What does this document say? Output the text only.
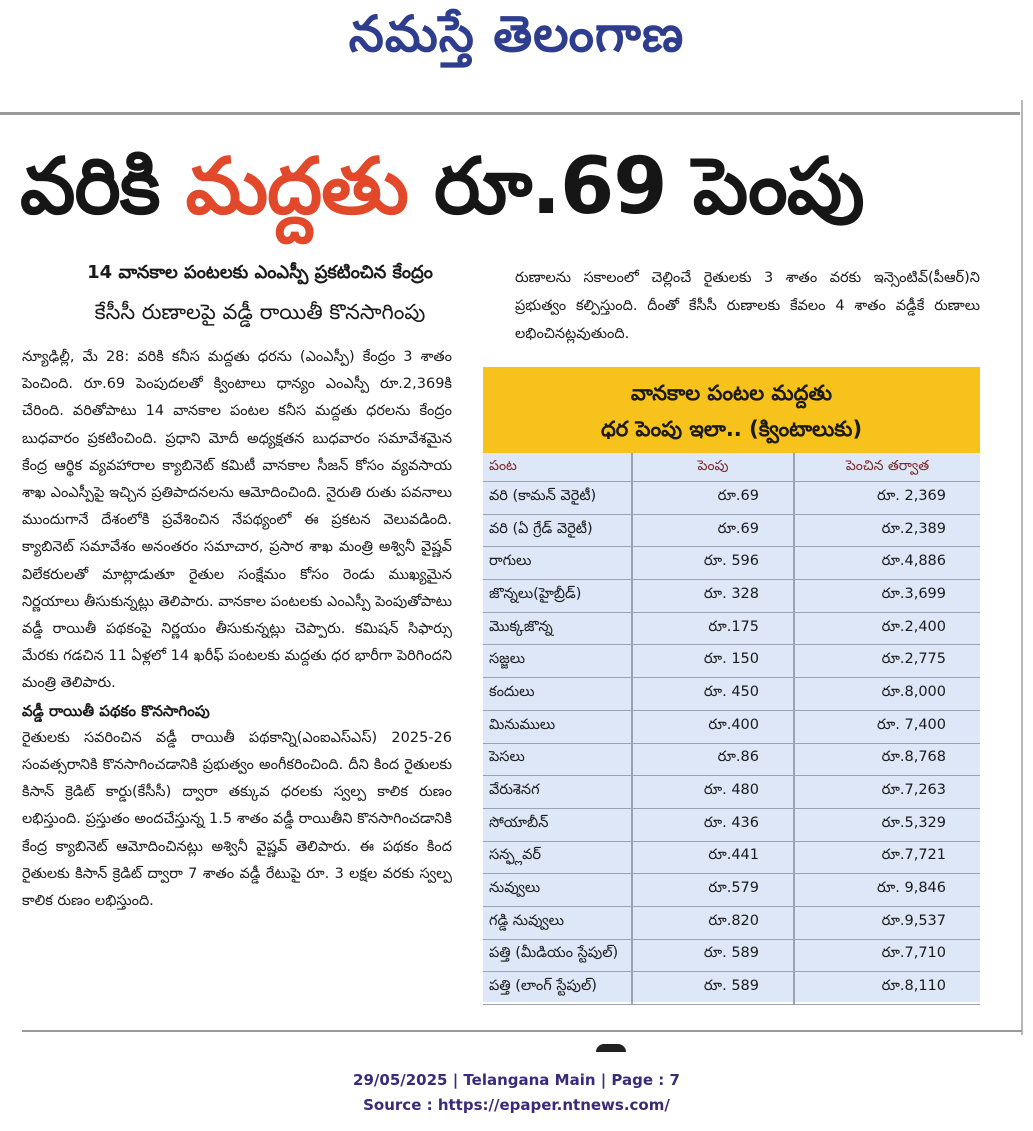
నమస్తే తెలంగాణ
వరికి మద్దతు రూ.69 పెంపు
14 వానకాల పంటలకు ఎంఎస్పీ ప్రకటించిన కేంద్రం
కేసీసీ రుణాలపై వడ్డీ రాయితీ కొనసాగింపు

న్యూఢిల్లీ, మే 28: వరికి కనీస మద్దతు ధరను (ఎంఎస్పీ) కేంద్రం 3 శాతం పెంచింది. రూ.69 పెంపుదలతో క్వింటాలు ధాన్యం ఎంఎస్పీ రూ.2,369కి చేరింది. వరితోపాటు 14 వానకాల పంటల కనీస మద్దతు ధరలను కేంద్రం బుధవారం ప్రకటించింది. ప్రధాని మోదీ అధ్యక్షతన బుధవారం సమావేశమైన కేంద్ర ఆర్థిక వ్యవహారాల క్యాబినెట్ కమిటీ వానకాల సీజన్ కోసం వ్యవసాయ శాఖ ఎంఎస్పీపై ఇచ్చిన ప్రతిపాదనలను ఆమోదించింది. నైరుతి రుతు పవనాలు ముందుగానే దేశంలోకి ప్రవేశించిన నేపథ్యంలో ఈ ప్రకటన వెలువడింది. క్యాబినెట్ సమావేశం అనంతరం సమాచార, ప్రసార శాఖ మంత్రి అశ్వినీ వైష్ణవ్ విలేకరులతో మాట్లాడుతూ రైతుల సంక్షేమం కోసం రెండు ముఖ్యమైన నిర్ణయాలు తీసుకున్నట్లు తెలిపారు. వానకాల పంటలకు ఎంఎస్పీ పెంపుతోపాటు వడ్డీ రాయితీ పథకంపై నిర్ణయం తీసుకున్నట్లు చెప్పారు. కమిషన్ సిఫార్సు మేరకు గడచిన 11 ఏళ్లలో 14 ఖరీఫ్ పంటలకు మద్దతు ధర భారీగా పెరిగిందని మంత్రి తెలిపారు.

వడ్డీ రాయితీ పథకం కొనసాగింపు

రైతులకు సవరించిన వడ్డీ రాయితీ పథకాన్ని(ఎంఐఎస్ఎస్) 2025-26 సంవత్సరానికి కొనసాగించడానికి ప్రభుత్వం అంగీకరించింది. దీని కింద రైతులకు కిసాన్ క్రెడిట్ కార్డు(కేసీసీ) ద్వారా తక్కువ ధరలకు స్వల్ప కాలిక రుణం లభిస్తుంది. ప్రస్తుతం అందచేస్తున్న 1.5 శాతం వడ్డీ రాయితీని కొనసాగించడానికి కేంద్ర క్యాబినెట్ ఆమోదించినట్లు అశ్వినీ వైష్ణవ్ తెలిపారు. ఈ పథకం కింద రైతులకు కిసాన్ క్రెడిట్ ద్వారా 7 శాతం వడ్డీ రేటుపై రూ. 3 లక్షల వరకు స్వల్ప కాలిక రుణం లభిస్తుంది.

రుణాలను సకాలంలో చెల్లించే రైతులకు 3 శాతం వరకు ఇన్సెంటివ్(పీఆర్)ని ప్రభుత్వం కల్పిస్తుంది. దీంతో కేసీసీ రుణాలకు కేవలం 4 శాతం వడ్డీకే రుణాలు లభించినట్లవుతుంది.
వానకాల పంటల మద్దతు
ధర పెంపు ఇలా.. (క్వింటాలుకు)
పంట	పెంపు	పెంచిన తర్వాత
వరి (కామన్ వెరైటీ)	రూ.69	రూ. 2,369
వరి (ఏ గ్రేడ్ వెరైటీ)	రూ.69	రూ.2,389
రాగులు	రూ. 596	రూ.4,886
జొన్నలు(హైబ్రీడ్)	రూ. 328	రూ.3,699
మొక్కజొన్న	రూ.175	రూ.2,400
సజ్జలు	రూ. 150	రూ.2,775
కందులు	రూ. 450	రూ.8,000
మినుములు	రూ.400	రూ. 7,400
పెసలు	రూ.86	రూ.8,768
వేరుశెనగ	రూ. 480	రూ.7,263
సోయాబీన్	రూ. 436	రూ.5,329
సన్ఫ్లవర్	రూ.441	రూ.7,721
నువ్వులు	రూ.579	రూ. 9,846
గడ్డి నువ్వులు	రూ.820	రూ.9,537
పత్తి (మీడియం స్టేపుల్)	రూ. 589	రూ.7,710
పత్తి (లాంగ్ స్టేపుల్)	రూ. 589	రూ.8,110
29/05/2025 | Telangana Main | Page : 7
Source : https://epaper.ntnews.com/
